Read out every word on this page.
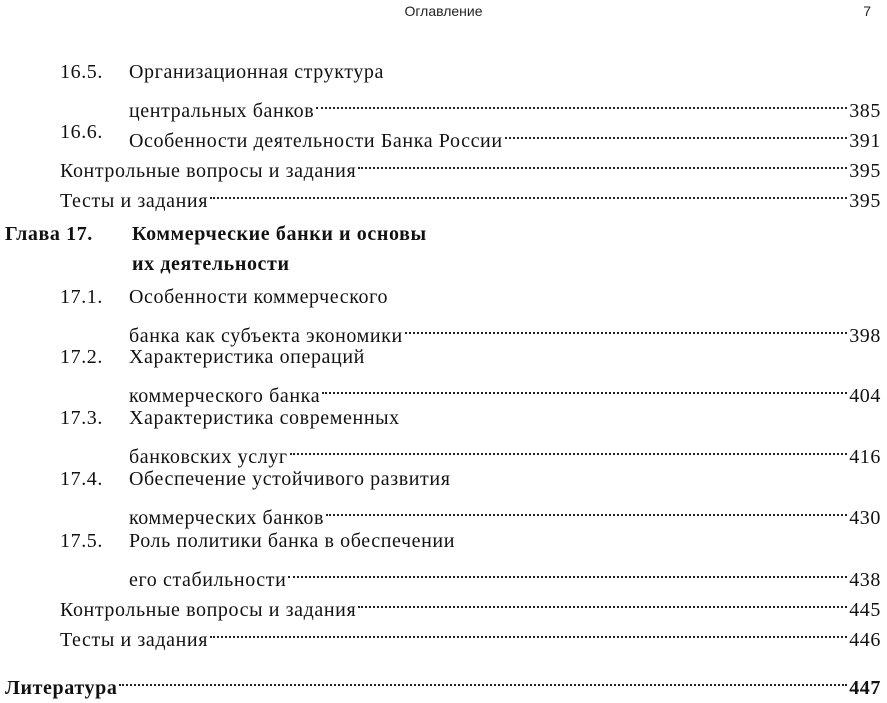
Оглавление	7
16.5. Организационная структура
центральных банков	385
16.6. Особенности деятельности Банка России	391
Контрольные вопросы и задания	395
Тесты и задания	395
Глава 17. Коммерческие банки и основы
их деятельности
17.1. Особенности коммерческого
банка как субъекта экономики	398
17.2. Характеристика операций
коммерческого банка	404
17.3. Характеристика современных
банковских услуг	416
17.4. Обеспечение устойчивого развития
коммерческих банков	430
17.5. Роль политики банка в обеспечении
его стабильности	438
Контрольные вопросы и задания	445
Тесты и задания	446
Литература	447
